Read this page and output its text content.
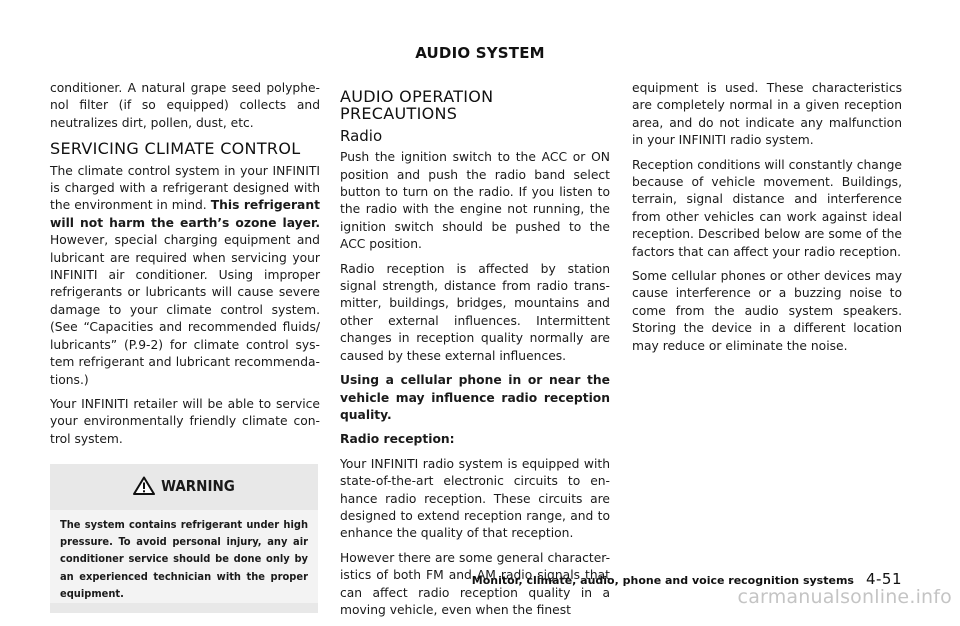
AUDIO SYSTEM

conditioner. A natural grape seed polyphe-nol filter (if so equipped) collects and neutralizes dirt, pollen, dust, etc.

SERVICING CLIMATE CONTROL

The climate control system in your INFINITI is charged with a refrigerant designed with the environment in mind. This refrigerant will not harm the earth’s ozone layer. However, special charging equipment and lubricant are required when servicing your INFINITI air conditioner. Using improper refrigerants or lubricants will cause severe damage to your climate control system. (See “Capacities and recommended fluids/ lubricants” (P.9-2) for climate control sys-tem refrigerant and lubricant recommenda-tions.)

Your INFINITI retailer will be able to service your environmentally friendly climate con-trol system.

WARNING
The system contains refrigerant under high pressure. To avoid personal injury, any air conditioner service should be done only by an experienced technician with the proper equipment.
AUDIO OPERATION PRECAUTIONS
Radio

Push the ignition switch to the ACC or ON position and push the radio band select button to turn on the radio. If you listen to the radio with the engine not running, the ignition switch should be pushed to the ACC position.

Radio reception is affected by station signal strength, distance from radio trans-mitter, buildings, bridges, mountains and other external influences. Intermittent changes in reception quality normally are caused by these external influences.

Using a cellular phone in or near the vehicle may influence radio reception quality.

Radio reception:

Your INFINITI radio system is equipped with state-of-the-art electronic circuits to en-hance radio reception. These circuits are designed to extend reception range, and to enhance the quality of that reception.

However there are some general character-istics of both FM and AM radio signals that can affect radio reception quality in a moving vehicle, even when the finest

equipment is used. These characteristics are completely normal in a given reception area, and do not indicate any malfunction in your INFINITI radio system.

Reception conditions will constantly change because of vehicle movement. Buildings, terrain, signal distance and interference from other vehicles can work against ideal reception. Described below are some of the factors that can affect your radio reception.

Some cellular phones or other devices may cause interference or a buzzing noise to come from the audio system speakers. Storing the device in a different location may reduce or eliminate the noise.

Monitor, climate, audio, phone and voice recognition systems 4-51
carmanualsonline.info
